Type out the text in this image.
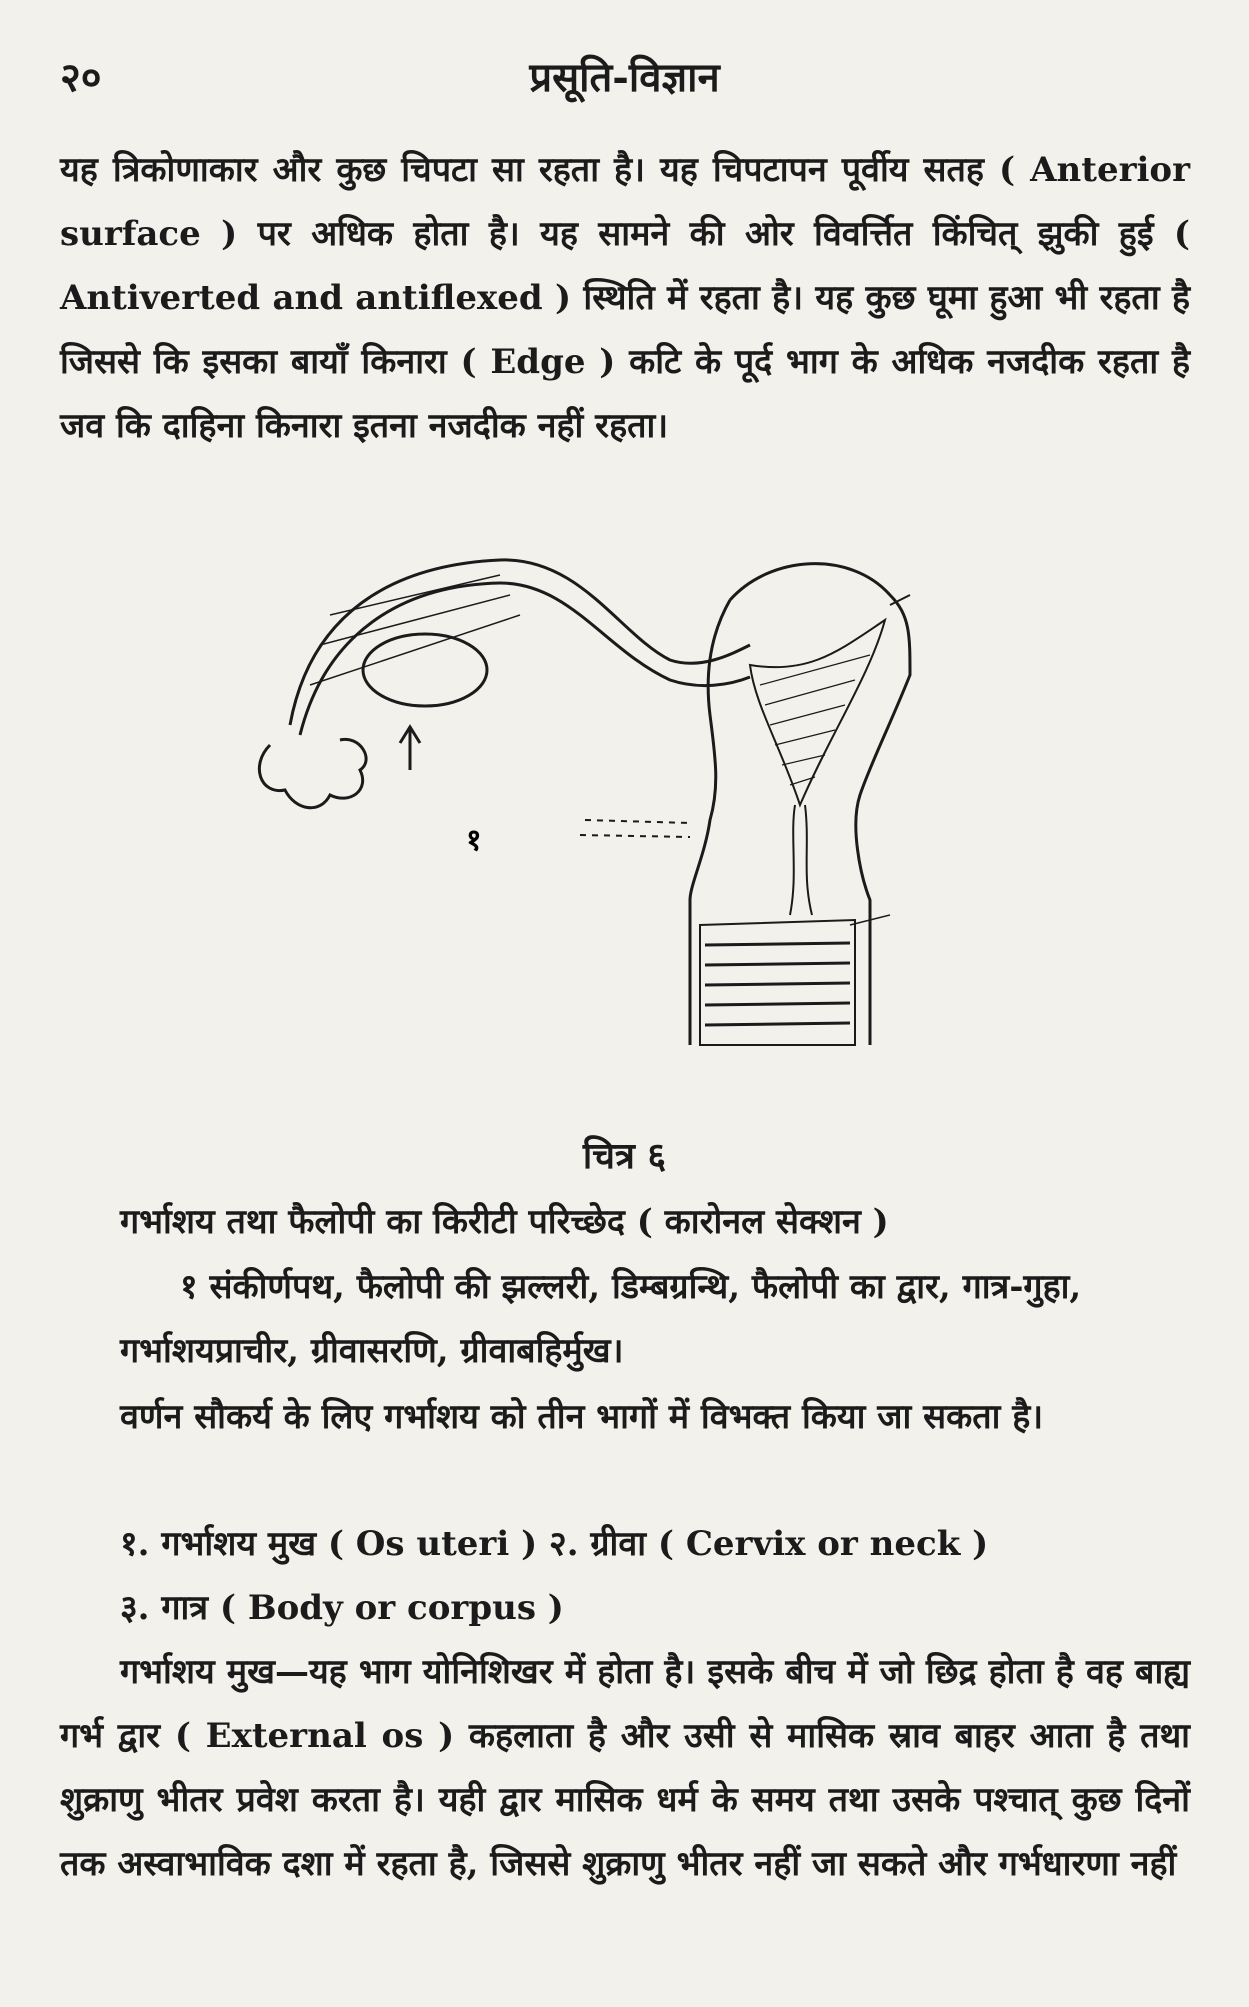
२०	प्रसूति-विज्ञान
यह त्रिकोणाकार और कुछ चिपटा सा रहता है। यह चिपटापन पूर्वीय सतह ( Anterior surface ) पर अधिक होता है। यह सामने की ओर विवर्त्तित किंचित् झुकी हुई ( Antiverted and antiflexed ) स्थिति में रहता है। यह कुछ घूमा हुआ भी रहता है जिससे कि इसका बायाँ किनारा ( Edge ) कटि के पूर्द भाग के अधिक नजदीक रहता है जव कि दाहिना किनारा इतना नजदीक नहीं रहता।
१
चित्र ६
गर्भाशय तथा फैलोपी का किरीटी परिच्छेद ( कारोनल सेक्शन )
१ संकीर्णपथ, फैलोपी की झल्लरी, डिम्बग्रन्थि, फैलोपी का द्वार, गात्र-गुहा, गर्भाशयप्राचीर, ग्रीवासरणि, ग्रीवाबहिर्मुख।
वर्णन सौकर्य के लिए गर्भाशय को तीन भागों में विभक्त किया जा सकता है।
१. गर्भाशय मुख ( Os uteri ) २. ग्रीवा ( Cervix or neck )
३. गात्र ( Body or corpus )
गर्भाशय मुख—यह भाग योनिशिखर में होता है। इसके बीच में जो छिद्र होता है वह बाह्य गर्भ द्वार ( External os ) कहलाता है और उसी से मासिक स्राव बाहर आता है तथा शुक्राणु भीतर प्रवेश करता है। यही द्वार मासिक धर्म के समय तथा उसके पश्चात् कुछ दिनों तक अस्वाभाविक दशा में रहता है, जिससे शुक्राणु भीतर नहीं जा सकते और गर्भधारणा नहीं
